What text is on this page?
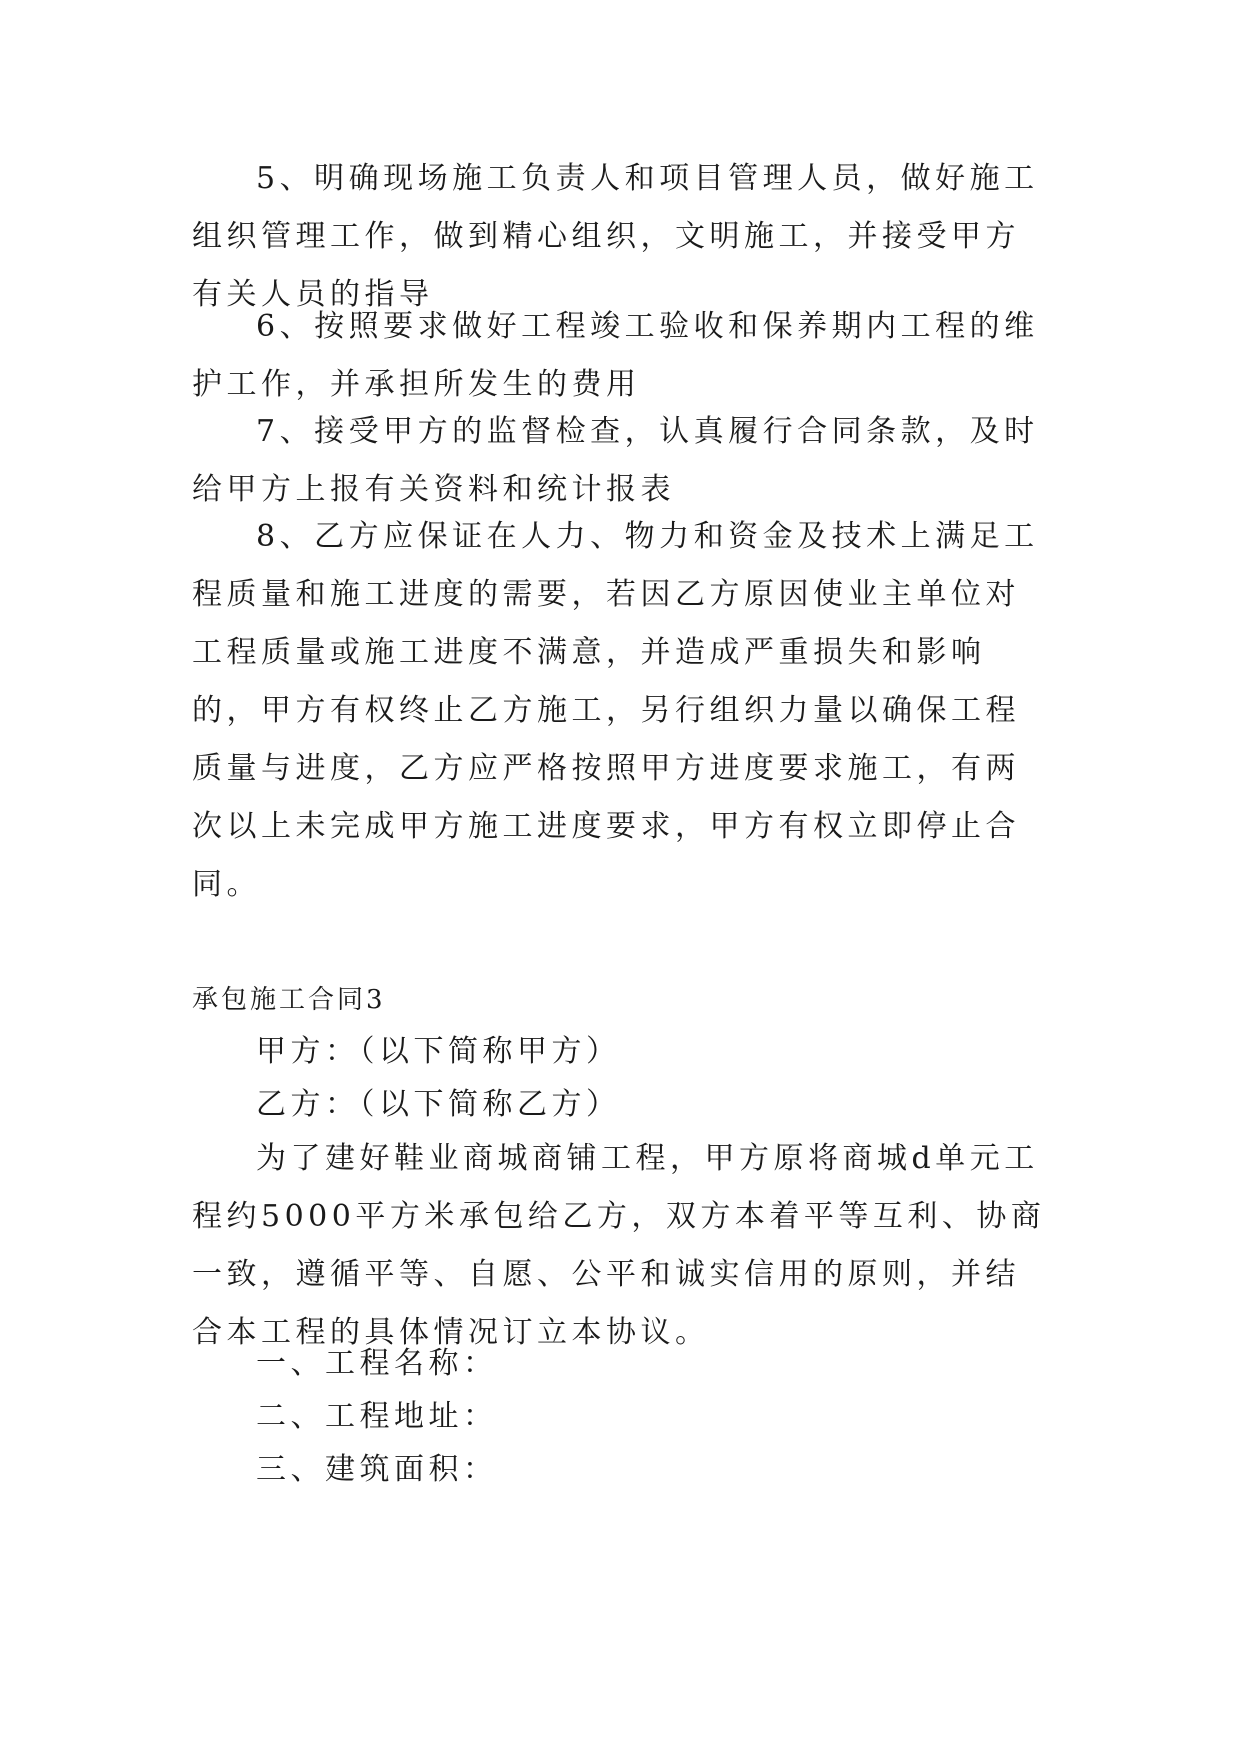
5、明确现场施工负责人和项目管理人员，做好施工组织管理工作，做到精心组织，文明施工，并接受甲方有关人员的指导
6、按照要求做好工程竣工验收和保养期内工程的维护工作，并承担所发生的费用
7、接受甲方的监督检查，认真履行合同条款，及时给甲方上报有关资料和统计报表
8、乙方应保证在人力、物力和资金及技术上满足工程质量和施工进度的需要，若因乙方原因使业主单位对工程质量或施工进度不满意，并造成严重损失和影响的，甲方有权终止乙方施工，另行组织力量以确保工程质量与进度，乙方应严格按照甲方进度要求施工，有两次以上未完成甲方施工进度要求，甲方有权立即停止合同。
承包施工合同3
甲方：（以下简称甲方）
乙方：（以下简称乙方）
为了建好鞋业商城商铺工程，甲方原将商城d单元工程约5000平方米承包给乙方，双方本着平等互利、协商一致，遵循平等、自愿、公平和诚实信用的原则，并结合本工程的具体情况订立本协议。
一、工程名称：
二、工程地址：
三、建筑面积：
